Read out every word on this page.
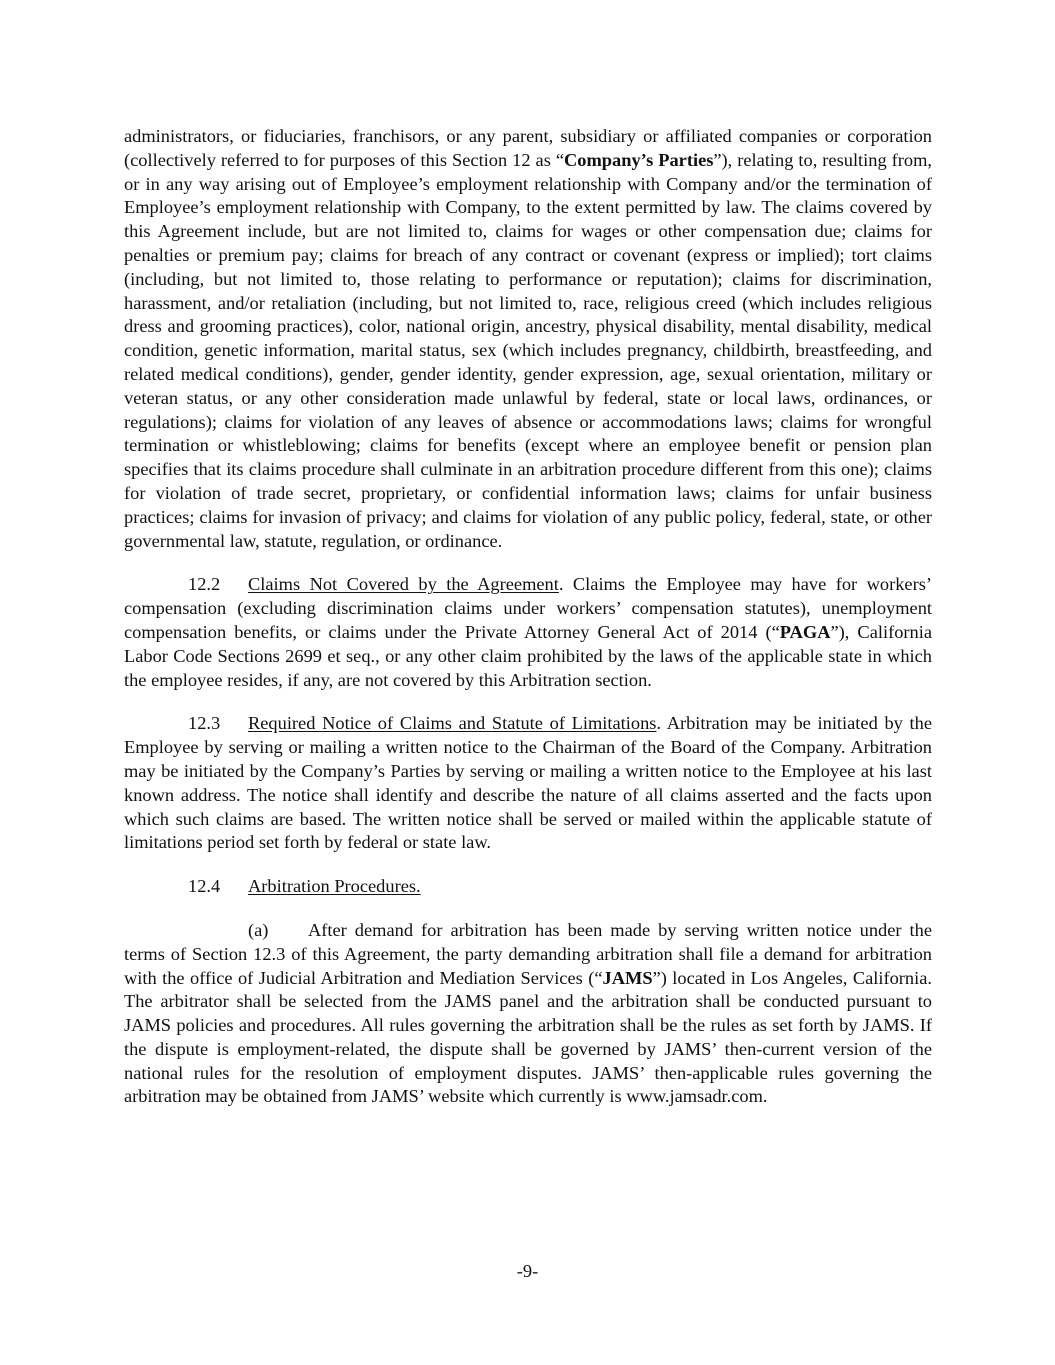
administrators, or fiduciaries, franchisors, or any parent, subsidiary or affiliated companies or corporation (collectively referred to for purposes of this Section 12 as “Company’s Parties”), relating to, resulting from, or in any way arising out of Employee’s employment relationship with Company and/or the termination of Employee’s employment relationship with Company, to the extent permitted by law. The claims covered by this Agreement include, but are not limited to, claims for wages or other compensation due; claims for penalties or premium pay; claims for breach of any contract or covenant (express or implied); tort claims (including, but not limited to, those relating to performance or reputation); claims for discrimination, harassment, and/or retaliation (including, but not limited to, race, religious creed (which includes religious dress and grooming practices), color, national origin, ancestry, physical disability, mental disability, medical condition, genetic information, marital status, sex (which includes pregnancy, childbirth, breastfeeding, and related medical conditions), gender, gender identity, gender expression, age, sexual orientation, military or veteran status, or any other consideration made unlawful by federal, state or local laws, ordinances, or regulations); claims for violation of any leaves of absence or accommodations laws; claims for wrongful termination or whistleblowing; claims for benefits (except where an employee benefit or pension plan specifies that its claims procedure shall culminate in an arbitration procedure different from this one); claims for violation of trade secret, proprietary, or confidential information laws; claims for unfair business practices; claims for invasion of privacy; and claims for violation of any public policy, federal, state, or other governmental law, statute, regulation, or ordinance.

12.2 Claims Not Covered by the Agreement. Claims the Employee may have for workers’ compensation (excluding discrimination claims under workers’ compensation statutes), unemployment compensation benefits, or claims under the Private Attorney General Act of 2014 (“PAGA”), California Labor Code Sections 2699 et seq., or any other claim prohibited by the laws of the applicable state in which the employee resides, if any, are not covered by this Arbitration section.

12.3 Required Notice of Claims and Statute of Limitations. Arbitration may be initiated by the Employee by serving or mailing a written notice to the Chairman of the Board of the Company. Arbitration may be initiated by the Company’s Parties by serving or mailing a written notice to the Employee at his last known address. The notice shall identify and describe the nature of all claims asserted and the facts upon which such claims are based. The written notice shall be served or mailed within the applicable statute of limitations period set forth by federal or state law.

12.4 Arbitration Procedures.

(a) After demand for arbitration has been made by serving written notice under the terms of Section 12.3 of this Agreement, the party demanding arbitration shall file a demand for arbitration with the office of Judicial Arbitration and Mediation Services (“JAMS”) located in Los Angeles, California. The arbitrator shall be selected from the JAMS panel and the arbitration shall be conducted pursuant to JAMS policies and procedures. All rules governing the arbitration shall be the rules as set forth by JAMS. If the dispute is employment-related, the dispute shall be governed by JAMS’ then-current version of the national rules for the resolution of employment disputes. JAMS’ then-applicable rules governing the arbitration may be obtained from JAMS’ website which currently is www.jamsadr.com.

-9-
